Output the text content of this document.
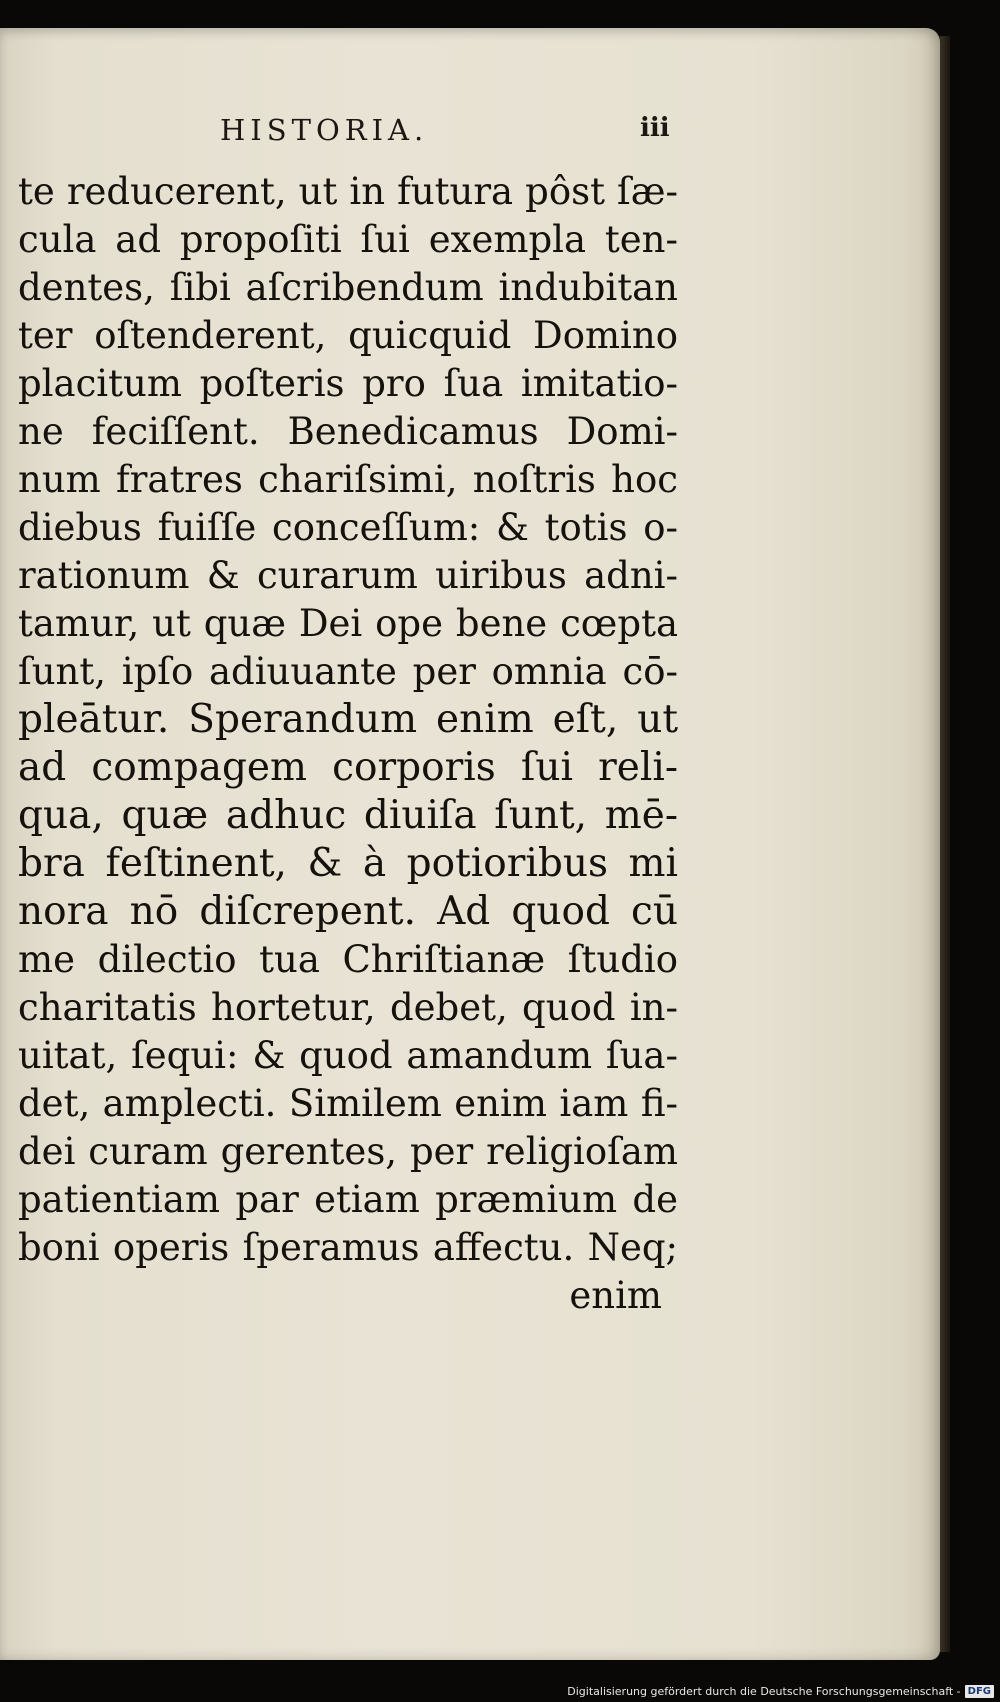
HISTORIA.	iii
te reducerent, ut in futura pôst ſæ-
cula ad propoſiti ſui exempla ten-
dentes, ſibi aſcribendum indubitan
ter oſtenderent, quicquid Domino
placitum poſteris pro ſua imitatio-
ne feciſſent. Benedicamus Domi-
num fratres chariſsimi, noſtris hoc
diebus fuiſſe conceſſum: & totis o-
rationum & curarum uiribus adni-
tamur, ut quæ Dei ope bene cœpta
ſunt, ipſo adiuuante per omnia cō-
pleātur. Sperandum enim eſt, ut
ad compagem corporis ſui reli-
qua, quæ adhuc diuiſa ſunt, mē-
bra feſtinent, & à potioribus mi
nora nō diſcrepent. Ad quod cū
me dilectio tua Chriſtianæ ſtudio
charitatis hortetur, debet, quod in-
uitat, ſequi: & quod amandum ſua-
det, amplecti. Similem enim iam fi-
dei curam gerentes, per religioſam
patientiam par etiam præmium de
boni operis ſperamus affectu. Neq;
enim
Digitalisierung gefördert durch die Deutsche Forschungsgemeinschaft - DFG
